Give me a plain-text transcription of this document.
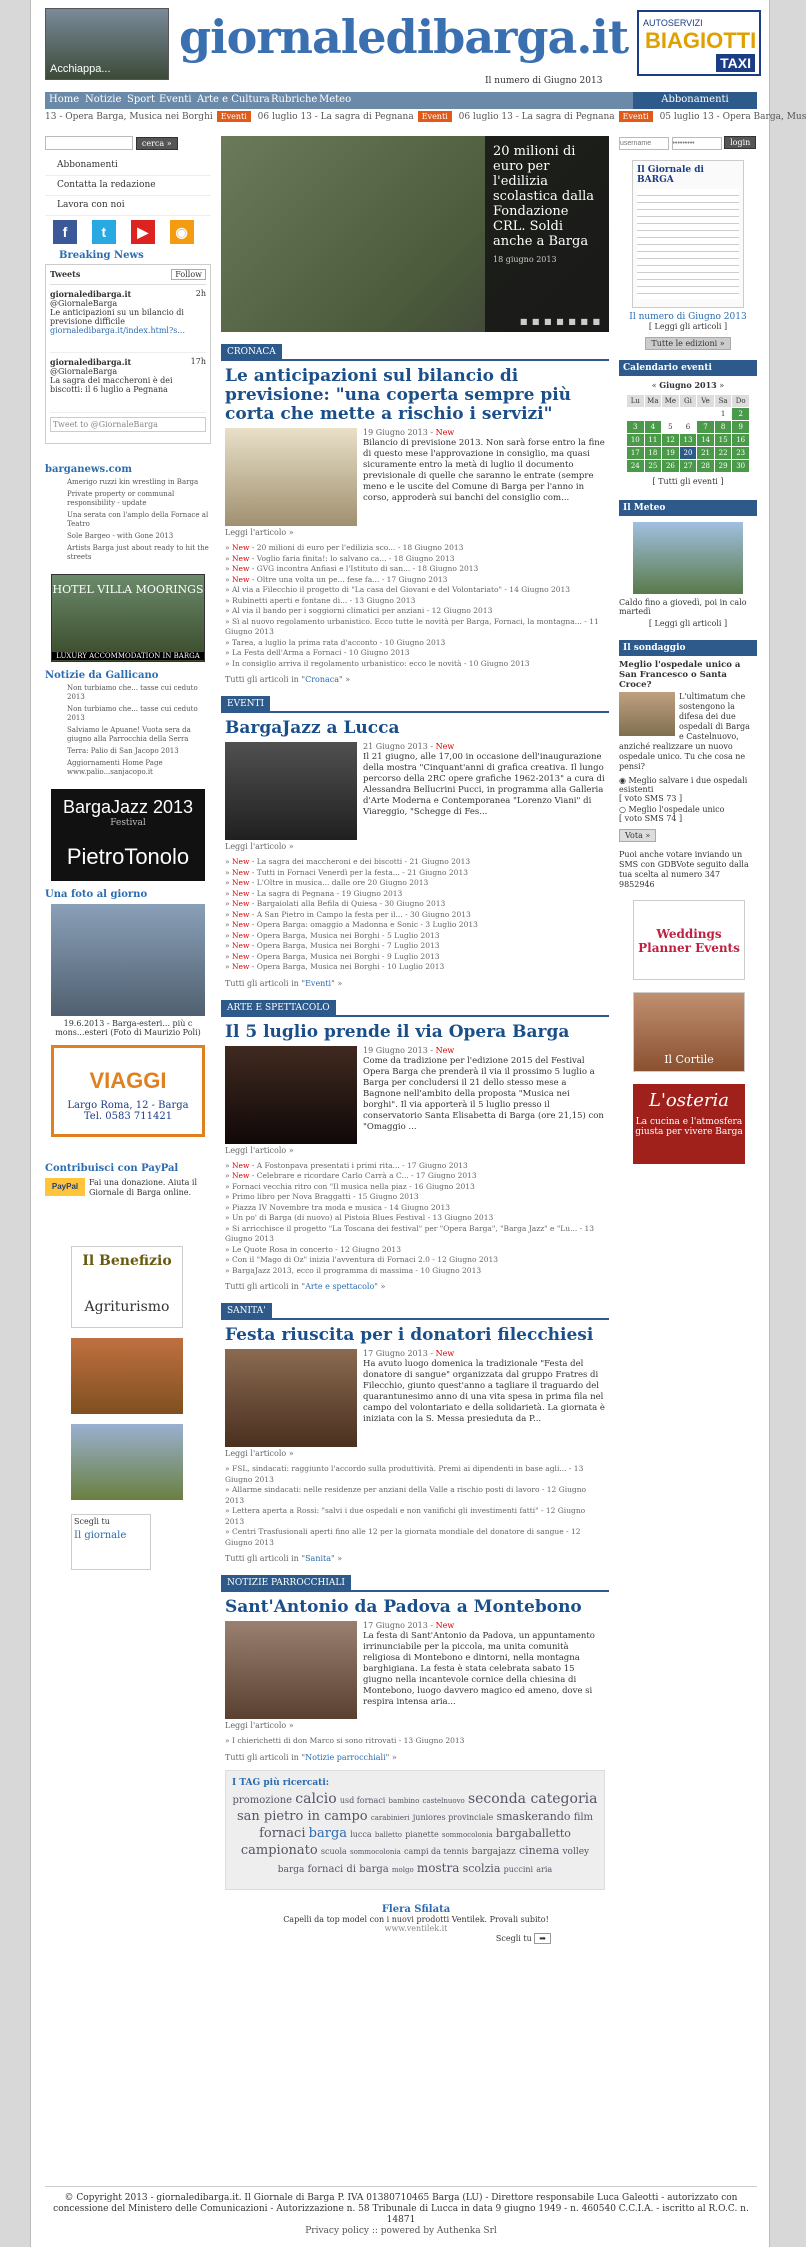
Acchiappa...
giornaledibarga.it
Il numero di Giugno 2013
AUTOSERVIZI
BIAGIOTTI
TAXI
Home Notizie Sport Eventi Arte e Cultura Rubriche Meteo	Abbonamenti
13 - Opera Barga, Musica nei Borghi Eventi 06 luglio 13 - La sagra di Pegnana Eventi 06 luglio 13 - La sagra di Pegnana Eventi 05 luglio 13 - Opera Barga, Mus
cerca »
Abbonamenti
Contatta la redazione
Lavora con noi
f t ▶ ◉
Breaking News
Tweets	Follow
giornaledibarga.it	2h

@GiornaleBarga
Le anticipazioni su un bilancio di previsione difficile
giornaledibarga.it/index.html?s...
giornaledibarga.it	17h

@GiornaleBarga
La sagra dei maccheroni è dei biscotti: il 6 luglio a Pegnana
Tweet to @GiornaleBarga
barganews.com
Amerigo ruzzi kin wrestling in Barga
Private property or communal responsibility - update
Una serata con l'amplo della Fornace al Teatro
Sole Bargeo - with Gone 2013
Artists Barga just about ready to hit the streets
HOTEL VILLA MOORINGS
LUXURY ACCOMMODATION IN BARGA
Notizie da Gallicano
Non turbiamo che... tasse cui ceduto 2013
Non turbiamo che... tasse cui ceduto 2013
Salviamo le Apuane! Vuota sera da giugno alla Parrocchia della Serra
Terra: Palio di San Jacopo 2013
Aggiornamenti Home Page www.palio...sanjacopo.it
BargaJazz 2013
Festival
PietroTonolo
Una foto al giorno
19.6.2013 - Barga-esteri... più c mons...esteri (Foto di Maurizio Poli)
VIAGGI
Largo Roma, 12 - Barga
Tel. 0583 711421
Contribuisci con PayPal
PayPal	Fai una donazione. Aiuta il Giornale di Barga online.
Il Benefizio
Agriturismo
Scegli tu
Il giornale
20 milioni di euro per l'edilizia scolastica dalla Fondazione CRL. Soldi anche a Barga
18 giugno 2013
■ ■ ■ ■ ■ ■ ■
CRONACA
Le anticipazioni sul bilancio di previsione: "una coperta sempre più corta che mette a rischio i servizi"
19 Giugno 2013 - New
Bilancio di previsione 2013. Non sarà forse entro la fine di questo mese l'approvazione in consiglio, ma quasi sicuramente entro la metà di luglio il documento previsionale di quelle che saranno le entrate (sempre meno e le uscite del Comune di Barga per l'anno in corso, approderà sui banchi del consiglio com...
Leggi l'articolo »
» New - 20 milioni di euro per l'edilizia sco... - 18 Giugno 2013
» New - Voglio faria finita!: lo salvano ca... - 18 Giugno 2013
» New - GVG incontra Anfiasi e l'Istituto di san... - 18 Giugno 2013
» New - Oltre una volta un pe... fese fa... - 17 Giugno 2013
» Al via a Filecchio il progetto di "La casa del Giovani e del Volontariato" - 14 Giugno 2013
» Rubinetti aperti e fontane di... - 13 Giugno 2013
» Al via il bando per i soggiorni climatici per anziani - 12 Giugno 2013
» Sì al nuovo regolamento urbanistico. Ecco tutte le novità per Barga, Fornaci, la montagna... - 11 Giugno 2013
» Tarea, a luglio la prima rata d'acconto - 10 Giugno 2013
» La Festa dell'Arma a Fornaci - 10 Giugno 2013
» In consiglio arriva il regolamento urbanistico: ecco le novità - 10 Giugno 2013
Tutti gli articoli in "Cronaca" »
EVENTI
BargaJazz a Lucca
21 Giugno 2013 - New
Il 21 giugno, alle 17,00 in occasione dell'inaugurazione della mostra "Cinquant'anni di grafica creativa. Il lungo percorso della 2RC opere grafiche 1962-2013" a cura di Alessandra Bellucrini Pucci, in programma alla Galleria d'Arte Moderna e Contemporanea "Lorenzo Viani" di Viareggio, "Schegge di Fes...
Leggi l'articolo »
» New - La sagra dei maccheroni e dei biscotti - 21 Giugno 2013
» New - Tutti in Fornaci Venerdì per la festa... - 21 Giugno 2013
» New - L'Oltre in musica... dalle ore 20 Giugno 2013
» New - La sagra di Pegnana - 19 Giugno 2013
» New - Bargaiolati alla Befila di Quiesa - 30 Giugno 2013
» New - A San Pietro in Campo la festa per il... - 30 Giugno 2013
» New - Opera Barga: omaggio a Madonna e Sonic - 3 Luglio 2013
» New - Opera Barga, Musica nei Borghi - 5 Luglio 2013
» New - Opera Barga, Musica nei Borghi - 7 Luglio 2013
» New - Opera Barga, Musica nei Borghi - 9 Luglio 2013
» New - Opera Barga, Musica nei Borghi - 10 Luglio 2013
Tutti gli articoli in "Eventi" »
ARTE E SPETTACOLO
Il 5 luglio prende il via Opera Barga
19 Giugno 2013 - New
Come da tradizione per l'edizione 2015 del Festival Opera Barga che prenderà il via il prossimo 5 luglio a Barga per concludersi il 21 dello stesso mese a Bagnone nell'ambito della proposta "Musica nei borghi". Il via apporterà il 5 luglio presso il conservatorio Santa Elisabetta di Barga (ore 21,15) con "Omaggio ...
Leggi l'articolo »
» New - A Fostonpava presentati i primi rita... - 17 Giugno 2013
» New - Celebrare e ricordare Carlo Carrà a C... - 17 Giugno 2013
» Fornaci vecchia ritro con "Il musica nella piaz - 16 Giugno 2013
» Primo libro per Nova Braggatti - 15 Giugno 2013
» Piazza IV Novembre tra moda e musica - 14 Giugno 2013
» Un po' di Barga (di nuovo) al Pistoia Blues Festival - 13 Giugno 2013
» Si arricchisce il progetto "La Toscana dei festival" per "Opera Barga", "Barga Jazz" e "Lu... - 13 Giugno 2013
» Le Quote Rosa in concerto - 12 Giugno 2013
» Con il "Mago di Oz" inizia l'avventura di Fornaci 2.0 - 12 Giugno 2013
» BargaJazz 2013, ecco il programma di massima - 10 Giugno 2013
Tutti gli articoli in "Arte e spettacolo" »
SANITA'
Festa riuscita per i donatori filecchiesi
17 Giugno 2013 - New
Ha avuto luogo domenica la tradizionale "Festa del donatore di sangue" organizzata dal gruppo Fratres di Filecchio, giunto quest'anno a tagliare il traguardo del quarantunesimo anno di una vita spesa in prima fila nel campo del volontariato e della solidarietà. La giornata è iniziata con la S. Messa presieduta da P...
Leggi l'articolo »
» FSL, sindacati: raggiunto l'accordo sulla produttività. Premi ai dipendenti in base agli... - 13 Giugno 2013
» Allarme sindacati: nelle residenze per anziani della Valle a rischio posti di lavoro - 12 Giugno 2013
» Lettera aperta a Rossi: "salvi i due ospedali e non vanifichi gli investimenti fatti" - 12 Giugno 2013
» Centri Trasfusionali aperti fino alle 12 per la giornata mondiale del donatore di sangue - 12 Giugno 2013
Tutti gli articoli in "Sanita" »
NOTIZIE PARROCCHIALI
Sant'Antonio da Padova a Montebono
17 Giugno 2013 - New
La festa di Sant'Antonio da Padova, un appuntamento irrinunciabile per la piccola, ma unita comunità religiosa di Montebono e dintorni, nella montagna barghigiana. La festa è stata celebrata sabato 15 giugno nella incantevole cornice della chiesina di Montebono, luogo davvero magico ed ameno, dove si respira intensa aria...
Leggi l'articolo »
» I chierichetti di don Marco si sono ritrovati - 13 Giugno 2013
Tutti gli articoli in "Notizie parrocchiali" »
I TAG più ricercati:
promozione calcio usd fornaci bambino castelnuovo seconda categoria san pietro in campo carabinieri juniores provinciale smaskerando film fornaci barga lucca balletto pianette sommocolonia bargaballetto campionato scuola sommocolonia campi da tennis bargajazz cinema volley barga fornaci di barga molgo mostra scolzia puccini aria
Flera Sfilata
Capelli da top model con i nuovi prodotti Ventilek. Provali subito!
www.ventilek.it
Scegli tu ➡
username ••••••••• login
Il Giornale di BARGA
Il numero di Giugno 2013
[ Leggi gli articoli ]
Tutte le edizioni »
Calendario eventi
« Giugno 2013 »
Lu	Ma	Me	Gi	Ve	Sa	Do
					1	2
3	4	5	6	7	8	9
10	11	12	13	14	15	16
17	18	19	20	21	22	23
24	25	26	27	28	29	30
[ Tutti gli eventi ]
Il Meteo
Caldo fino a giovedì, poi in calo martedì
[ Leggi gli articoli ]
Il sondaggio
Meglio l'ospedale unico a San Francesco o Santa Croce?
L'ultimatum che sostengono la difesa dei due ospedali di Barga e Castelnuovo, anziché realizzare un nuovo ospedale unico. Tu che cosa ne pensi?
◉ Meglio salvare i due ospedali esistenti
[ voto SMS 73 ]
○ Meglio l'ospedale unico
[ voto SMS 74 ]
Vota »
Puoi anche votare inviando un SMS con GDBVote seguito dalla tua scelta al numero 347 9852946
Weddings Planner Events
Il Cortile
L'osteria
La cucina e l'atmosfera giusta per vivere Barga
© Copyright 2013 - giornaledibarga.it. Il Giornale di Barga P. IVA 01380710465 Barga (LU) - Direttore responsabile Luca Galeotti - autorizzato con concessione del Ministero delle Comunicazioni - Autorizzazione n. 58 Tribunale di Lucca in data 9 giugno 1949 - n. 460540 C.C.I.A. - iscritto al R.O.C. n. 14871
Privacy policy :: powered by Authenka Srl
